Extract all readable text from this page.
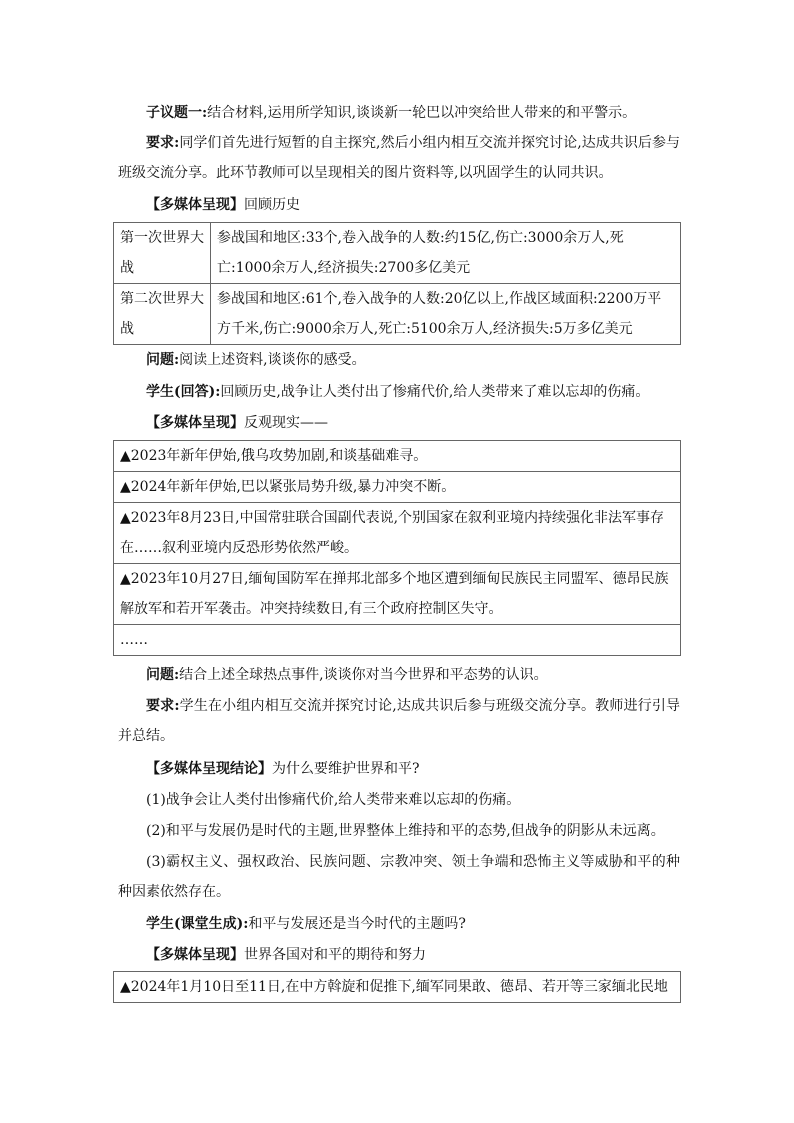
子议题一:结合材料,运用所学知识,谈谈新一轮巴以冲突给世人带来的和平警示。

要求:同学们首先进行短暂的自主探究,然后小组内相互交流并探究讨论,达成共识后参与班级交流分享。此环节教师可以呈现相关的图片资料等,以巩固学生的认同共识。

【多媒体呈现】回顾历史

第一次世界大战	参战国和地区:33个,卷入战争的人数:约15亿,伤亡:3000余万人,死亡:1000余万人,经济损失:2700多亿美元
第二次世界大战	参战国和地区:61个,卷入战争的人数:20亿以上,作战区域面积:2200万平方千米,伤亡:9000余万人,死亡:5100余万人,经济损失:5万多亿美元

问题:阅读上述资料,谈谈你的感受。

学生(回答):回顾历史,战争让人类付出了惨痛代价,给人类带来了难以忘却的伤痛。

【多媒体呈现】反观现实——

▲2023年新年伊始,俄乌攻势加剧,和谈基础难寻。
▲2024年新年伊始,巴以紧张局势升级,暴力冲突不断。
▲2023年8月23日,中国常驻联合国副代表说,个别国家在叙利亚境内持续强化非法军事存在……叙利亚境内反恐形势依然严峻。
▲2023年10月27日,缅甸国防军在掸邦北部多个地区遭到缅甸民族民主同盟军、德昂民族解放军和若开军袭击。冲突持续数日,有三个政府控制区失守。
……

问题:结合上述全球热点事件,谈谈你对当今世界和平态势的认识。

要求:学生在小组内相互交流并探究讨论,达成共识后参与班级交流分享。教师进行引导并总结。

【多媒体呈现结论】为什么要维护世界和平?

(1)战争会让人类付出惨痛代价,给人类带来难以忘却的伤痛。

(2)和平与发展仍是时代的主题,世界整体上维持和平的态势,但战争的阴影从未远离。

(3)霸权主义、强权政治、民族问题、宗教冲突、领土争端和恐怖主义等威胁和平的种种因素依然存在。

学生(课堂生成):和平与发展还是当今时代的主题吗?

【多媒体呈现】世界各国对和平的期待和努力

▲2024年1月10日至11日,在中方斡旋和促推下,缅军同果敢、德昂、若开等三家缅北民地
